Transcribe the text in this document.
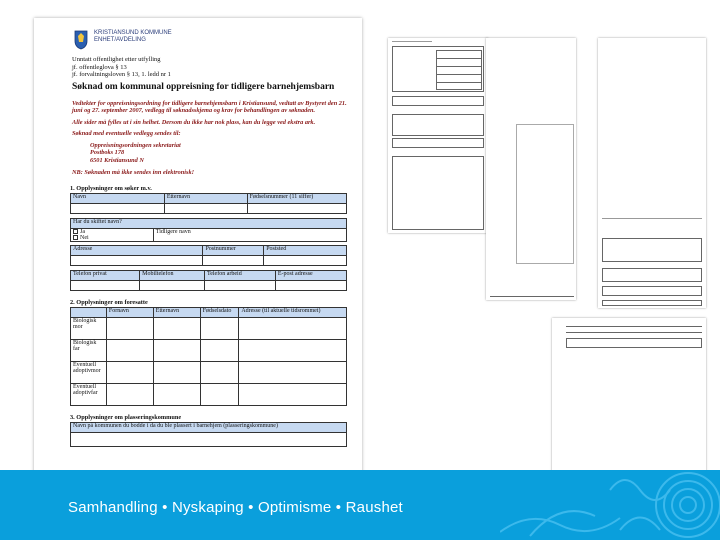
KRISTIANSUND KOMMUNE
ENHET/AVDELING
Unntatt offentlighet etter utfylling
jf. offentleglova § 13
jf. forvaltningsloven § 13, 1. ledd nr 1
Søknad om kommunal oppreisning for tidligere barnehjemsbarn
Vedtekter for oppreisningsordning for tidligere barnehjemsbarn i Kristiansund, vedtatt av Bystyret den 21. juni og 27. september 2007, vedlegg til søknadsskjema og krav for behandlingen av søknaden.
Alle sider må fylles ut i sin helhet. Dersom du ikke har nok plass, kan du legge ved ekstra ark.
Søknad med eventuelle vedlegg sendes til:
Oppreisningsordningen sekretariat
Postboks 178
6501 Kristiansund N
NB: Søknaden må ikke sendes inn elektronisk!
1. Opplysninger om søker m.v.
Navn	Etternavn	Fødselsnummer (11 siffer)

Har du skiftet navn?
Ja
Nei	Tidligere navn
Adresse	Postnummer	Poststed

Telefon privat	Mobiltelefon	Telefon arbeid	E-post adresse

2. Opplysninger om foresatte
	Fornavn	Etternavn	Fødselsdato	Adresse (til aktuelle tidsrommet)
Biologisk mor				
Biologisk far				
Eventuell adoptivmor				
Eventuell adoptivfar				
3. Opplysninger om plasseringskommune
Navn på kommunen du bodde i da du ble plassert i barnehjem (plasseringskommune)

Samhandling • Nyskaping • Optimisme • Raushet
